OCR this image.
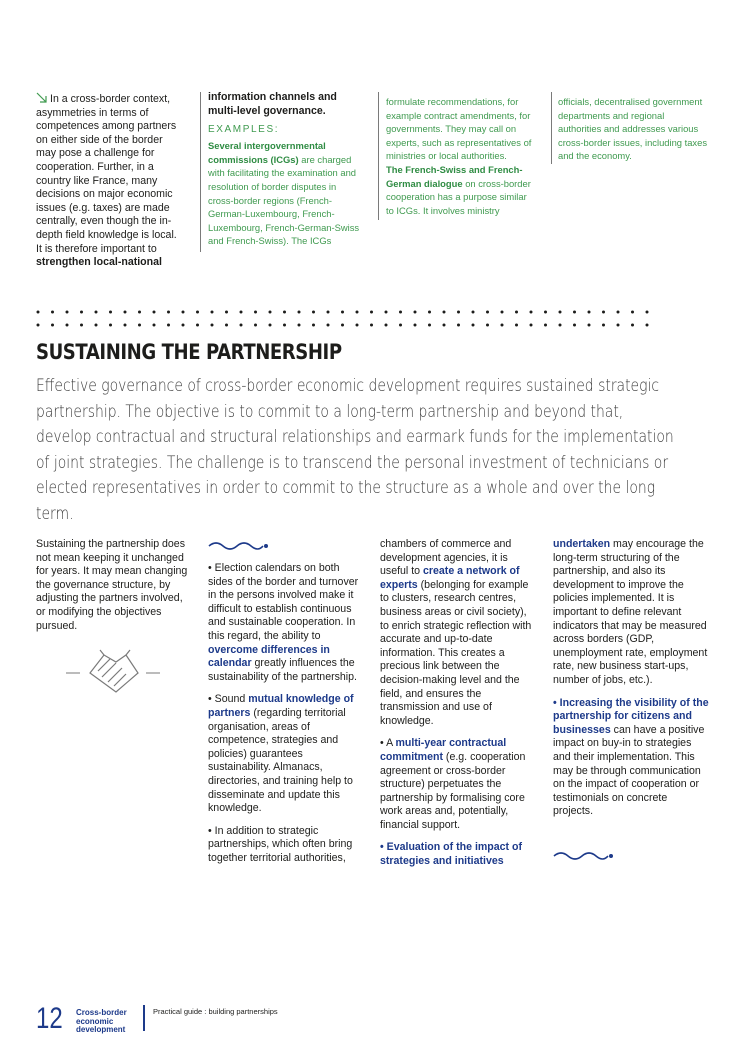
In a cross-border context, asymmetries in terms of competences among partners on either side of the border may pose a challenge for cooperation. Further, in a country like France, many decisions on major economic issues (e.g. taxes) are made centrally, even though the in-depth field knowledge is local. It is therefore important to strengthen local-national
information channels and multi-level governance.
EXAMPLES:
Several intergovernmental commissions (ICGs) are charged with facilitating the examination and resolution of border disputes in cross-border regions (French-German-Luxembourg, French-Luxembourg, French-German-Swiss and French-Swiss). The ICGs
formulate recommendations, for example contract amendments, for governments. They may call on experts, such as representatives of ministries or local authorities.
The French-Swiss and French-German dialogue on cross-border cooperation has a purpose similar to ICGs. It involves ministry
officials, decentralised government departments and regional authorities and addresses various cross-border issues, including taxes and the economy.
SUSTAINING THE PARTNERSHIP
Effective governance of cross-border economic development requires sustained strategic partnership. The objective is to commit to a long-term partnership and beyond that, develop contractual and structural relationships and earmark funds for the implementation of joint strategies. The challenge is to transcend the personal investment of technicians or elected representatives in order to commit to the structure as a whole and over the long term.
Sustaining the partnership does not mean keeping it unchanged for years. It may mean changing the governance structure, by adjusting the partners involved, or modifying the objectives pursued.
• Election calendars on both sides of the border and turnover in the persons involved make it difficult to establish continuous and sustainable cooperation. In this regard, the ability to overcome differences in calendar greatly influences the sustainability of the partnership.
• Sound mutual knowledge of partners (regarding territorial organisation, areas of competence, strategies and policies) guarantees sustainability. Almanacs, directories, and training help to disseminate and update this knowledge.
• In addition to strategic partnerships, which often bring together territorial authorities,
chambers of commerce and development agencies, it is useful to create a network of experts (belonging for example to clusters, research centres, business areas or civil society), to enrich strategic reflection with accurate and up-to-date information. This creates a precious link between the decision-making level and the field, and ensures the transmission and use of knowledge.
• A multi-year contractual commitment (e.g. cooperation agreement or cross-border structure) perpetuates the partnership by formalising core work areas and, potentially, financial support.
• Evaluation of the impact of strategies and initiatives
undertaken may encourage the long-term structuring of the partnership, and also its development to improve the policies implemented. It is important to define relevant indicators that may be measured across borders (GDP, unemployment rate, employment rate, new business start-ups, number of jobs, etc.).
• Increasing the visibility of the partnership for citizens and businesses can have a positive impact on buy-in to strategies and their implementation. This may be through communication on the impact of cooperation or testimonials on concrete projects.
12 Cross-border
economic
development
Practical guide : building partnerships
